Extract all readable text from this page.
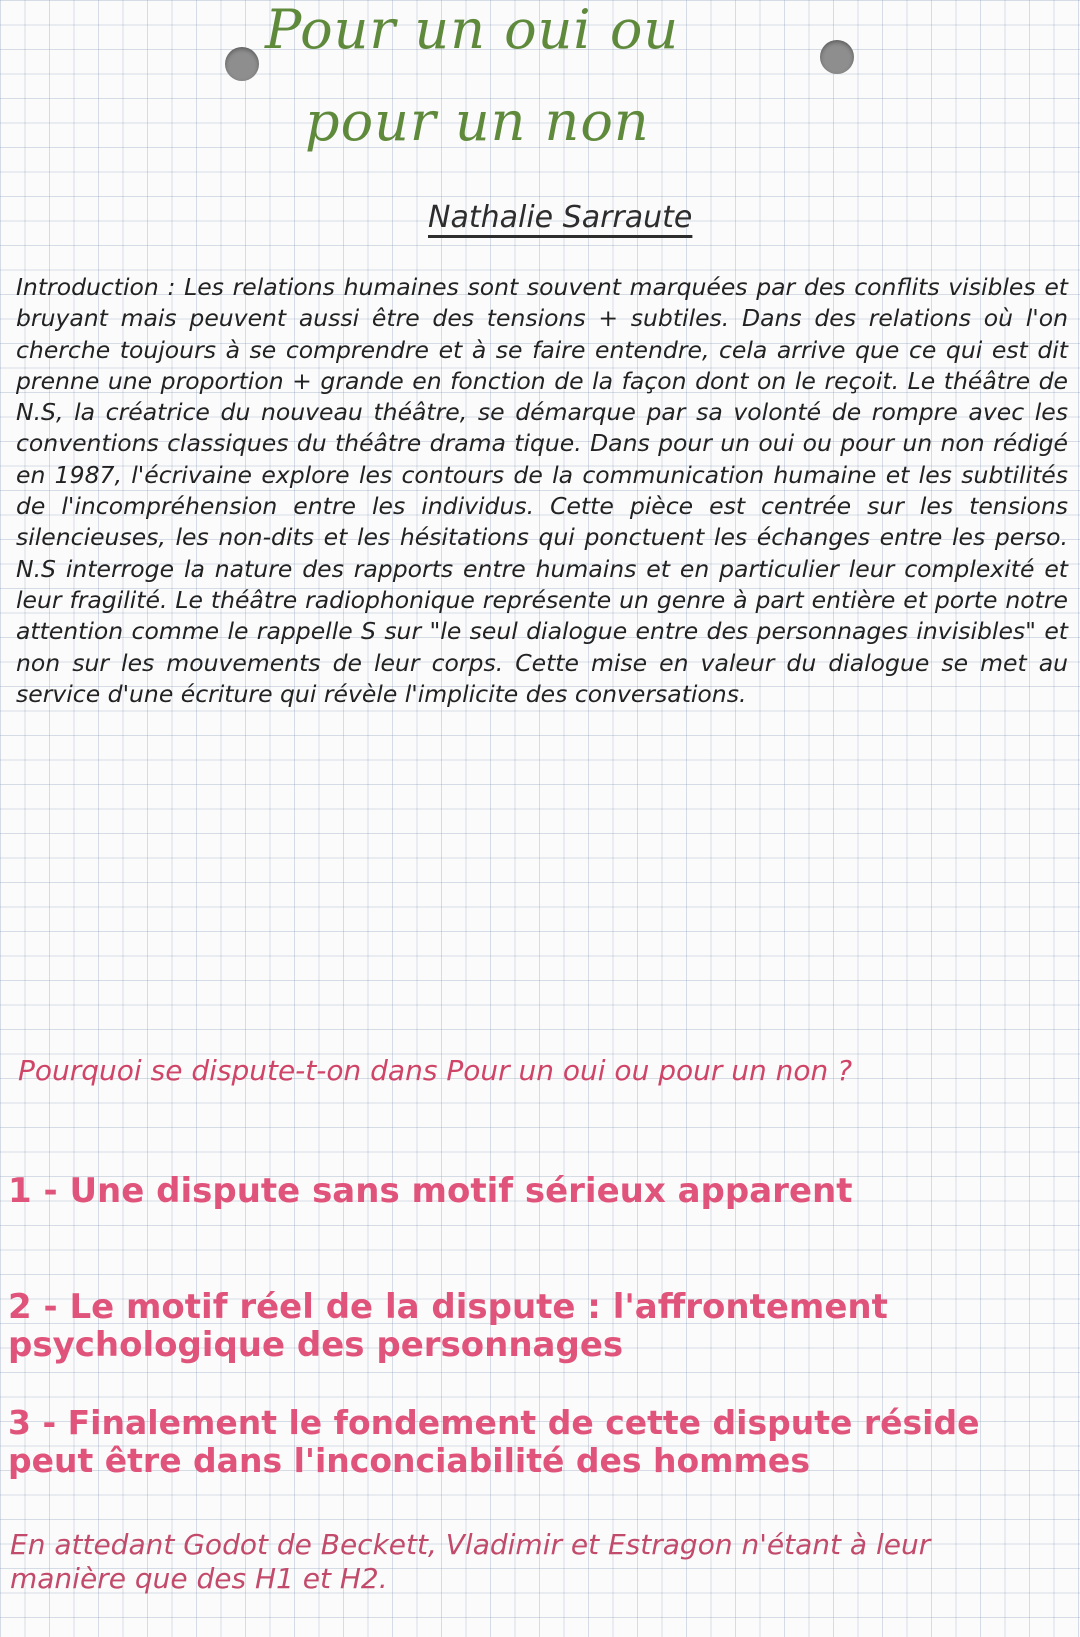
Pour un oui ou
pour un non
Nathalie Sarraute

Introduction : Les relations humaines sont souvent marquées par des conflits visibles et bruyant mais peuvent aussi être des tensions + subtiles. Dans des relations où l'on cherche toujours à se comprendre et à se faire entendre, cela arrive que ce qui est dit prenne une proportion + grande en fonction de la façon dont on le reçoit. Le théâtre de N.S, la créatrice du nouveau théâtre, se démarque par sa volonté de rompre avec les conventions classiques du théâtre drama tique. Dans pour un oui ou pour un non rédigé en 1987, l'écrivaine explore les contours de la communication humaine et les subtilités de l'incompréhension entre les individus. Cette pièce est centrée sur les tensions silencieuses, les non-dits et les hésitations qui ponctuent les échanges entre les perso. N.S interroge la nature des rapports entre humains et en particulier leur complexité et leur fragilité. Le théâtre radiophonique représente un genre à part entière et porte notre attention comme le rappelle S sur "le seul dialogue entre des personnages invisibles" et non sur les mouvements de leur corps. Cette mise en valeur du dialogue se met au service d'une écriture qui révèle l'implicite des conversations.

Pourquoi se dispute-t-on dans Pour un oui ou pour un non ?

1 - Une dispute sans motif sérieux apparent

2 - Le motif réel de la dispute : l'affrontement psychologique des personnages

3 - Finalement le fondement de cette dispute réside peut être dans l'inconciabilité des hommes

En attedant Godot de Beckett, Vladimir et Estragon n'étant à leur manière que des H1 et H2.
